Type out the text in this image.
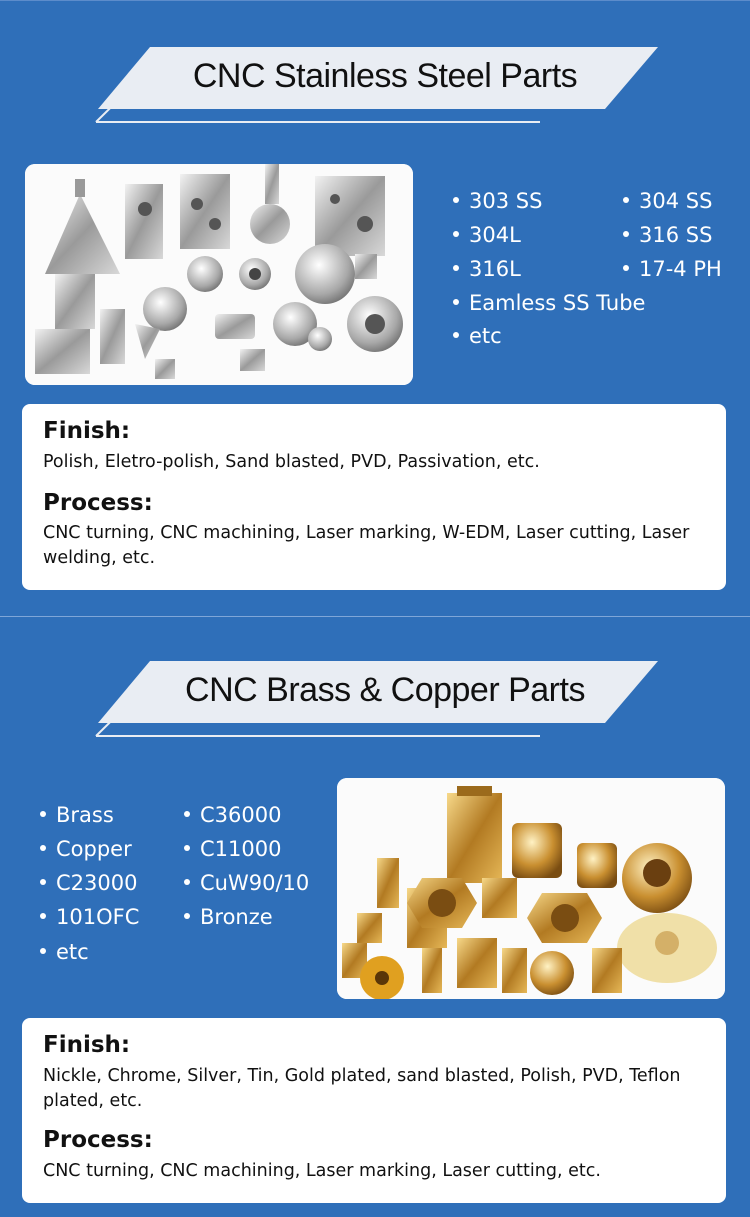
CNC Stainless Steel Parts
303 SS
304L
316L
Eamless SS Tube
etc
304 SS
316 SS
17-4 PH
Finish:

Polish, Eletro-polish, Sand blasted, PVD, Passivation, etc.

Process:

CNC turning, CNC machining, Laser marking, W-EDM, Laser cutting, Laser welding, etc.

CNC Brass & Copper Parts
Brass
Copper
C23000
101OFC
etc
C36000
C11000
CuW90/10
Bronze
Finish:

Nickle, Chrome, Silver, Tin, Gold plated, sand blasted, Polish, PVD, Teflon plated, etc.

Process:

CNC turning, CNC machining, Laser marking, Laser cutting, etc.
